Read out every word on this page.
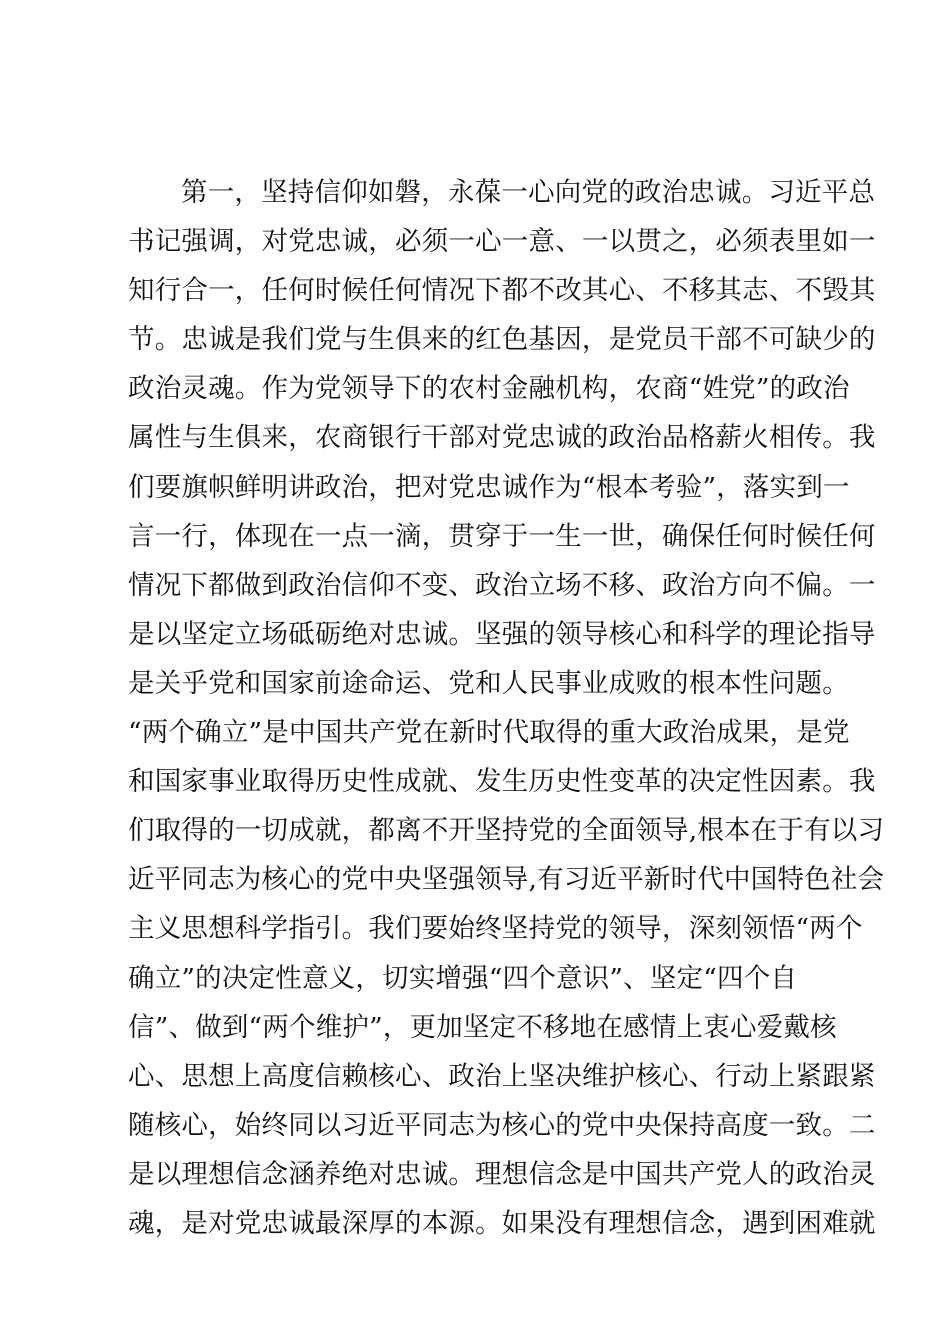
第一，坚持信仰如磐，永葆一心向党的政治忠诚。习近平总
书记强调，对党忠诚，必须一心一意、一以贯之，必须表里如一
知行合一，任何时候任何情况下都不改其心、不移其志、不毁其
节。忠诚是我们党与生俱来的红色基因，是党员干部不可缺少的
政治灵魂。作为党领导下的农村金融机构，农商“姓党”的政治
属性与生俱来，农商银行干部对党忠诚的政治品格薪火相传。我
们要旗帜鲜明讲政治，把对党忠诚作为“根本考验”，落实到一
言一行，体现在一点一滴，贯穿于一生一世，确保任何时候任何
情况下都做到政治信仰不变、政治立场不移、政治方向不偏。一
是以坚定立场砥砺绝对忠诚。坚强的领导核心和科学的理论指导
是关乎党和国家前途命运、党和人民事业成败的根本性问题。
“两个确立”是中国共产党在新时代取得的重大政治成果，是党
和国家事业取得历史性成就、发生历史性变革的决定性因素。我
们取得的一切成就，都离不开坚持党的全面领导,根本在于有以习
近平同志为核心的党中央坚强领导,有习近平新时代中国特色社会
主义思想科学指引。我们要始终坚持党的领导，深刻领悟“两个
确立”的决定性意义，切实增强“四个意识”、坚定“四个自
信”、做到“两个维护”，更加坚定不移地在感情上衷心爱戴核
心、思想上高度信赖核心、政治上坚决维护核心、行动上紧跟紧
随核心，始终同以习近平同志为核心的党中央保持高度一致。二
是以理想信念涵养绝对忠诚。理想信念是中国共产党人的政治灵
魂，是对党忠诚最深厚的本源。如果没有理想信念，遇到困难就
